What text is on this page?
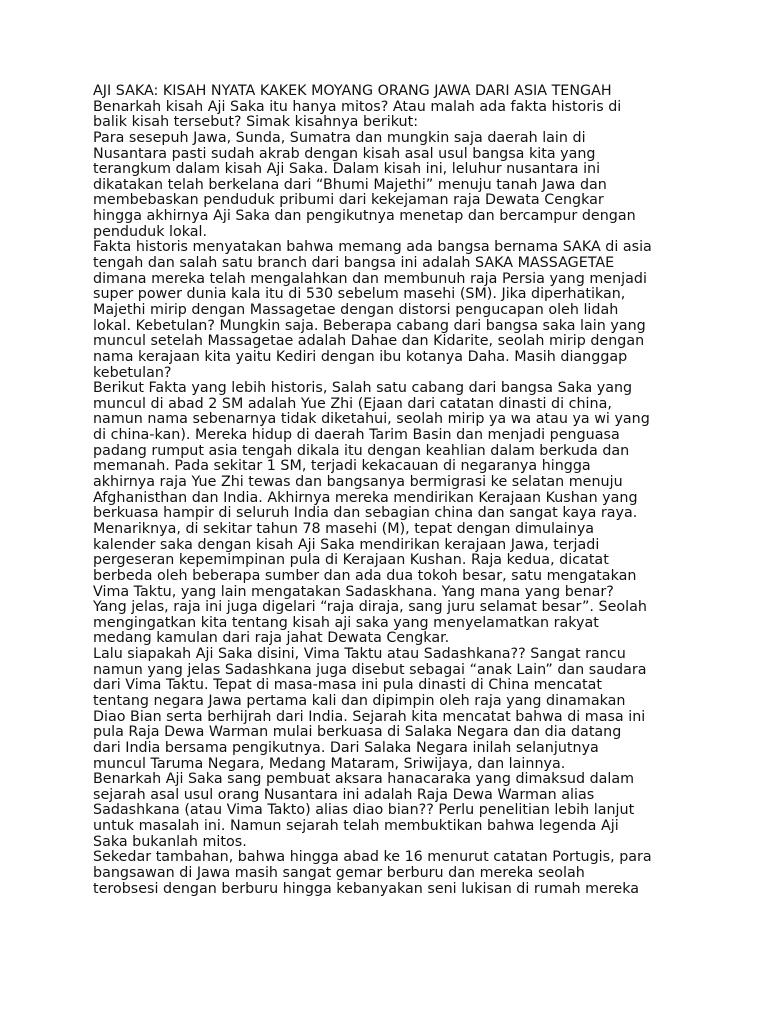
AJI SAKA: KISAH NYATA KAKEK MOYANG ORANG JAWA DARI ASIA TENGAH
Benarkah kisah Aji Saka itu hanya mitos? Atau malah ada fakta historis di
balik kisah tersebut? Simak kisahnya berikut:
Para sesepuh Jawa, Sunda, Sumatra dan mungkin saja daerah lain di
Nusantara pasti sudah akrab dengan kisah asal usul bangsa kita yang
terangkum dalam kisah Aji Saka. Dalam kisah ini, leluhur nusantara ini
dikatakan telah berkelana dari “Bhumi Majethi” menuju tanah Jawa dan
membebaskan penduduk pribumi dari kekejaman raja Dewata Cengkar
hingga akhirnya Aji Saka dan pengikutnya menetap dan bercampur dengan
penduduk lokal.
Fakta historis menyatakan bahwa memang ada bangsa bernama SAKA di asia
tengah dan salah satu branch dari bangsa ini adalah SAKA MASSAGETAE
dimana mereka telah mengalahkan dan membunuh raja Persia yang menjadi
super power dunia kala itu di 530 sebelum masehi (SM). Jika diperhatikan,
Majethi mirip dengan Massagetae dengan distorsi pengucapan oleh lidah
lokal. Kebetulan? Mungkin saja. Beberapa cabang dari bangsa saka lain yang
muncul setelah Massagetae adalah Dahae dan Kidarite, seolah mirip dengan
nama kerajaan kita yaitu Kediri dengan ibu kotanya Daha. Masih dianggap
kebetulan?
Berikut Fakta yang lebih historis, Salah satu cabang dari bangsa Saka yang
muncul di abad 2 SM adalah Yue Zhi (Ejaan dari catatan dinasti di china,
namun nama sebenarnya tidak diketahui, seolah mirip ya wa atau ya wi yang
di china-kan). Mereka hidup di daerah Tarim Basin dan menjadi penguasa
padang rumput asia tengah dikala itu dengan keahlian dalam berkuda dan
memanah. Pada sekitar 1 SM, terjadi kekacauan di negaranya hingga
akhirnya raja Yue Zhi tewas dan bangsanya bermigrasi ke selatan menuju
Afghanisthan dan India. Akhirnya mereka mendirikan Kerajaan Kushan yang
berkuasa hampir di seluruh India dan sebagian china dan sangat kaya raya.
Menariknya, di sekitar tahun 78 masehi (M), tepat dengan dimulainya
kalender saka dengan kisah Aji Saka mendirikan kerajaan Jawa, terjadi
pergeseran kepemimpinan pula di Kerajaan Kushan. Raja kedua, dicatat
berbeda oleh beberapa sumber dan ada dua tokoh besar, satu mengatakan
Vima Taktu, yang lain mengatakan Sadaskhana. Yang mana yang benar?
Yang jelas, raja ini juga digelari “raja diraja, sang juru selamat besar”. Seolah
mengingatkan kita tentang kisah aji saka yang menyelamatkan rakyat
medang kamulan dari raja jahat Dewata Cengkar.
Lalu siapakah Aji Saka disini, Vima Taktu atau Sadashkana?? Sangat rancu
namun yang jelas Sadashkana juga disebut sebagai “anak Lain” dan saudara
dari Vima Taktu. Tepat di masa-masa ini pula dinasti di China mencatat
tentang negara Jawa pertama kali dan dipimpin oleh raja yang dinamakan
Diao Bian serta berhijrah dari India. Sejarah kita mencatat bahwa di masa ini
pula Raja Dewa Warman mulai berkuasa di Salaka Negara dan dia datang
dari India bersama pengikutnya. Dari Salaka Negara inilah selanjutnya
muncul Taruma Negara, Medang Mataram, Sriwijaya, dan lainnya.
Benarkah Aji Saka sang pembuat aksara hanacaraka yang dimaksud dalam
sejarah asal usul orang Nusantara ini adalah Raja Dewa Warman alias
Sadashkana (atau Vima Takto) alias diao bian?? Perlu penelitian lebih lanjut
untuk masalah ini. Namun sejarah telah membuktikan bahwa legenda Aji
Saka bukanlah mitos.
Sekedar tambahan, bahwa hingga abad ke 16 menurut catatan Portugis, para
bangsawan di Jawa masih sangat gemar berburu dan mereka seolah
terobsesi dengan berburu hingga kebanyakan seni lukisan di rumah mereka
